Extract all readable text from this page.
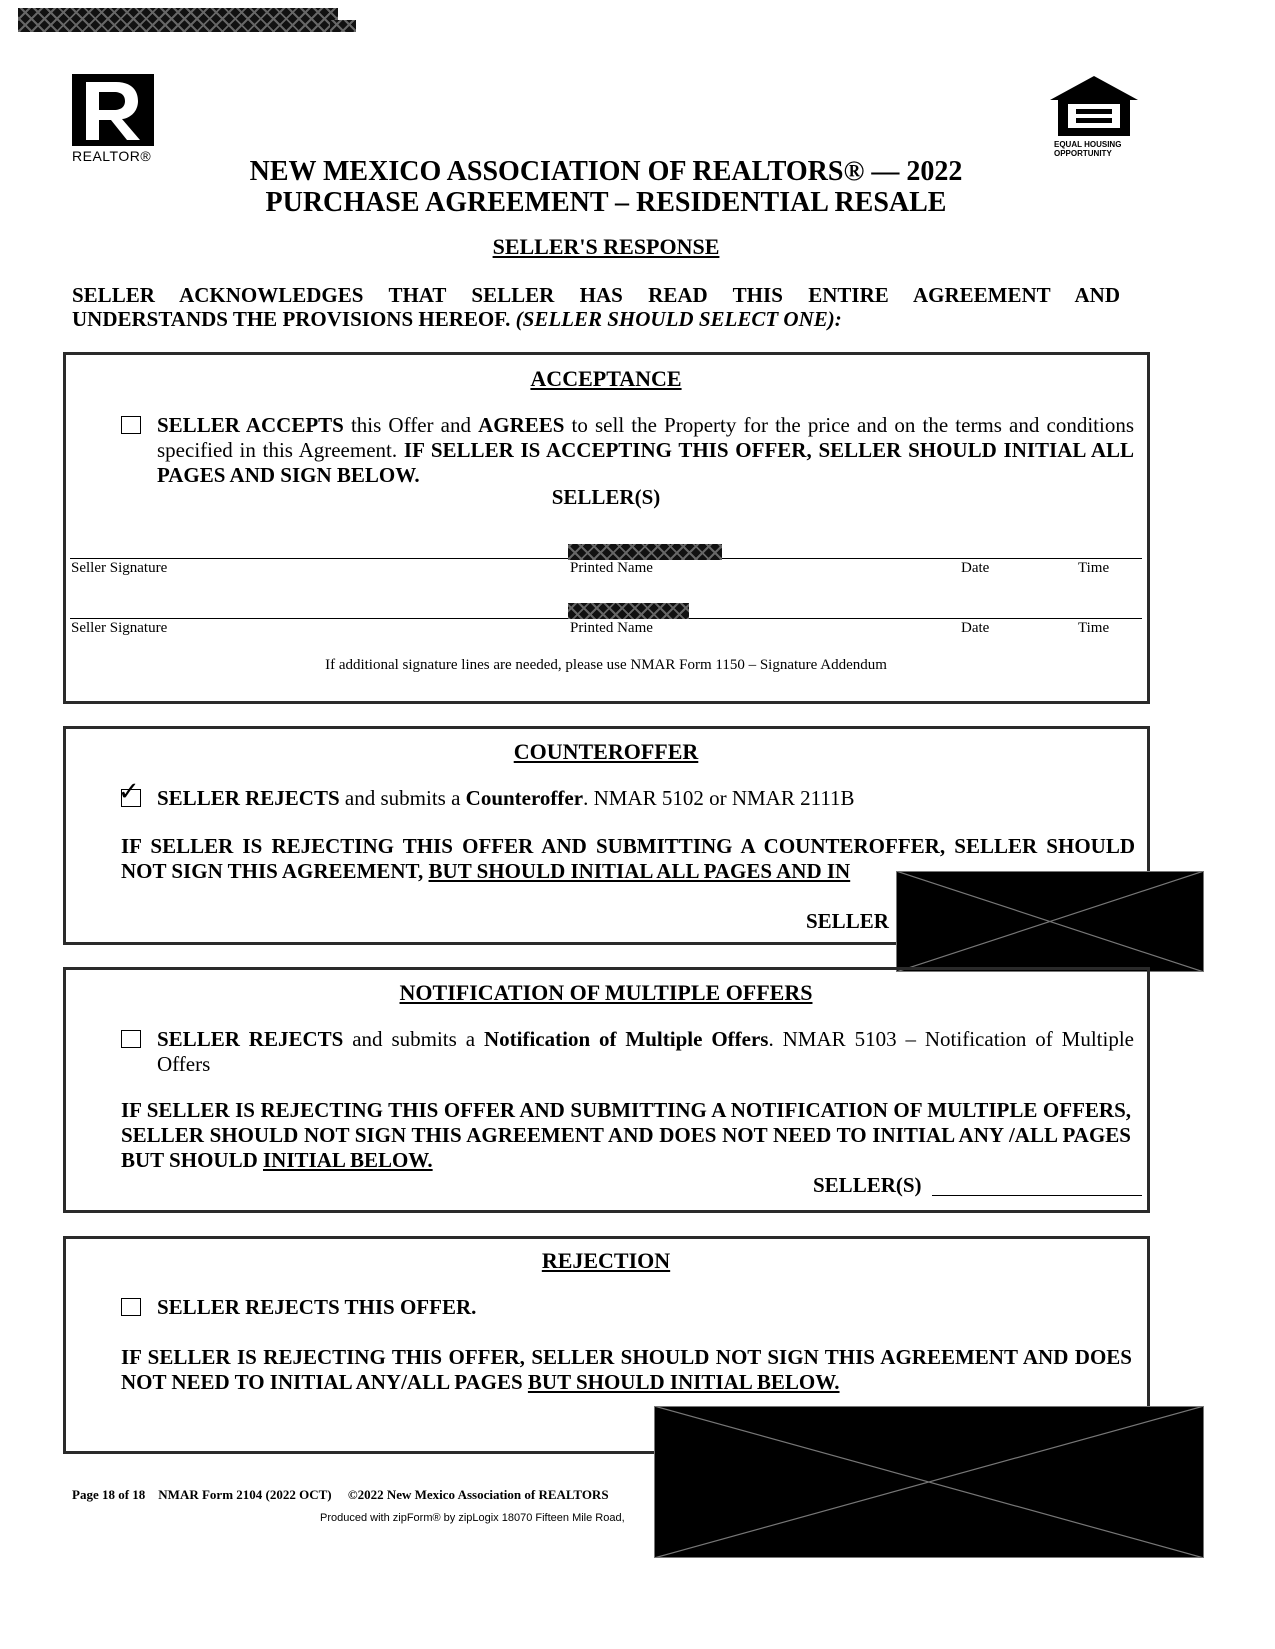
REALTOR®
EQUAL HOUSING
OPPORTUNITY
NEW MEXICO ASSOCIATION OF REALTORS® — 2022
PURCHASE AGREEMENT – RESIDENTIAL RESALE
SELLER'S RESPONSE
SELLER ACKNOWLEDGES THAT SELLER HAS READ THIS ENTIRE AGREEMENT AND
UNDERSTANDS THE PROVISIONS HEREOF. (SELLER SHOULD SELECT ONE):
ACCEPTANCE
SELLER ACCEPTS this Offer and AGREES to sell the Property for the price and on the terms and conditions specified in this Agreement. IF SELLER IS ACCEPTING THIS OFFER, SELLER SHOULD INITIAL ALL PAGES AND SIGN BELOW.
SELLER(S)
Seller Signature	Printed Name	Date	Time
Seller Signature	Printed Name	Date	Time
If additional signature lines are needed, please use NMAR Form 1150 – Signature Addendum
COUNTEROFFER
✓ SELLER REJECTS and submits a Counteroffer. NMAR 5102 or NMAR 2111B
IF SELLER IS REJECTING THIS OFFER AND SUBMITTING A COUNTEROFFER, SELLER SHOULD NOT SIGN THIS AGREEMENT, BUT SHOULD INITIAL ALL PAGES AND IN
SELLER
NOTIFICATION OF MULTIPLE OFFERS
SELLER REJECTS and submits a Notification of Multiple Offers. NMAR 5103 – Notification of Multiple Offers
IF SELLER IS REJECTING THIS OFFER AND SUBMITTING A NOTIFICATION OF MULTIPLE OFFERS, SELLER SHOULD NOT SIGN THIS AGREEMENT AND DOES NOT NEED TO INITIAL ANY /ALL PAGES BUT SHOULD INITIAL BELOW.
SELLER(S)
REJECTION
SELLER REJECTS THIS OFFER.
IF SELLER IS REJECTING THIS OFFER, SELLER SHOULD NOT SIGN THIS AGREEMENT AND DOES NOT NEED TO INITIAL ANY/ALL PAGES BUT SHOULD INITIAL BELOW.
Page 18 of 18 NMAR Form 2104 (2022 OCT) ©2022 New Mexico Association of REALTORS
Produced with zipForm® by zipLogix 18070 Fifteen Mile Road,
